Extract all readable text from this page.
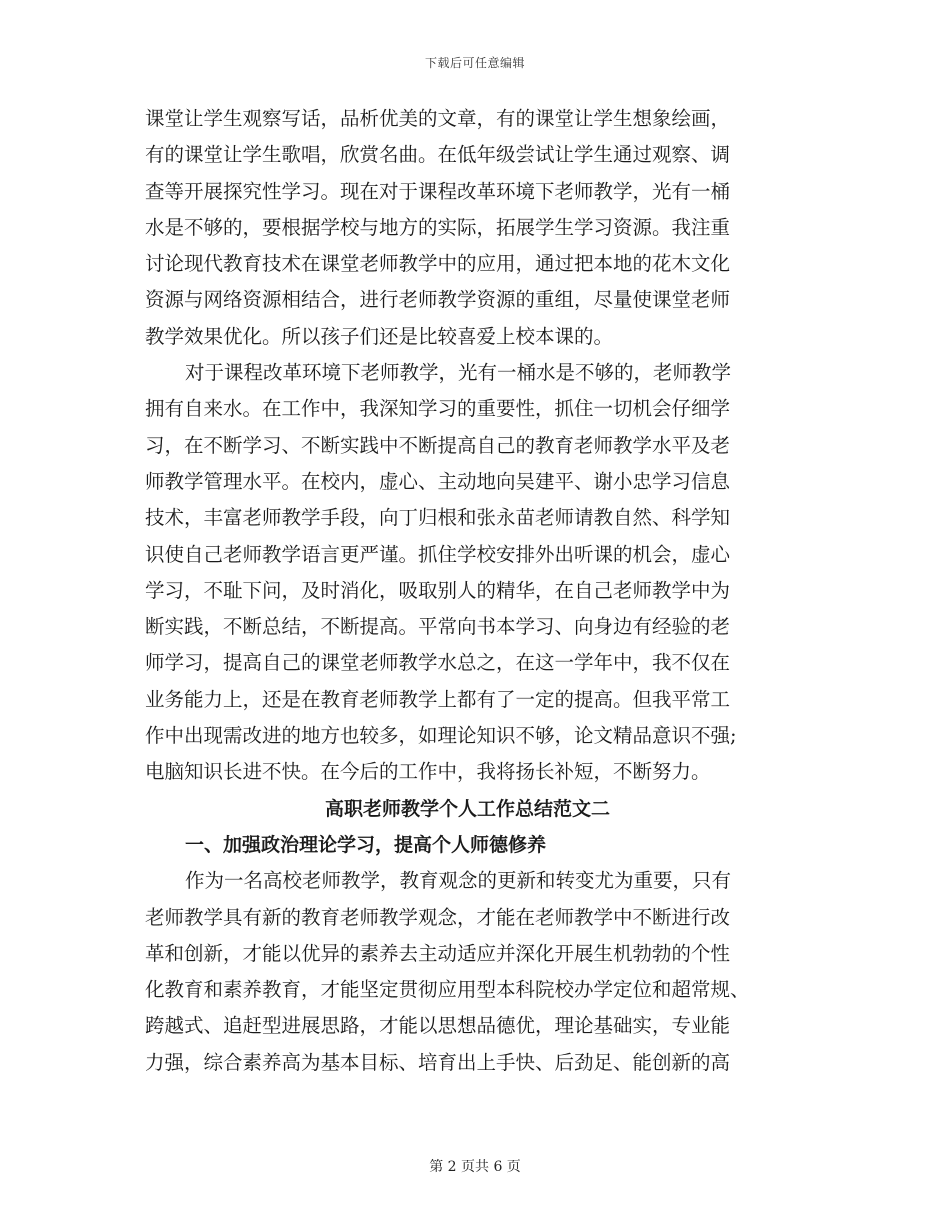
下载后可任意编辑
课堂让学生观察写话，品析优美的文章，有的课堂让学生想象绘画，
有的课堂让学生歌唱，欣赏名曲。在低年级尝试让学生通过观察、调
查等开展探究性学习。现在对于课程改革环境下老师教学，光有一桶
水是不够的，要根据学校与地方的实际，拓展学生学习资源。我注重
讨论现代教育技术在课堂老师教学中的应用，通过把本地的花木文化
资源与网络资源相结合，进行老师教学资源的重组，尽量使课堂老师
教学效果优化。所以孩子们还是比较喜爱上校本课的。
对于课程改革环境下老师教学，光有一桶水是不够的，老师教学
拥有自来水。在工作中，我深知学习的重要性，抓住一切机会仔细学
习，在不断学习、不断实践中不断提高自己的教育老师教学水平及老
师教学管理水平。在校内，虚心、主动地向吴建平、谢小忠学习信息
技术，丰富老师教学手段，向丁归根和张永苗老师请教自然、科学知
识使自己老师教学语言更严谨。抓住学校安排外出听课的机会，虚心
学习，不耻下问，及时消化，吸取别人的精华，在自己老师教学中为
断实践，不断总结，不断提高。平常向书本学习、向身边有经验的老
师学习，提高自己的课堂老师教学水总之，在这一学年中，我不仅在
业务能力上，还是在教育老师教学上都有了一定的提高。但我平常工
作中出现需改进的地方也较多，如理论知识不够，论文精品意识不强;
电脑知识长进不快。在今后的工作中，我将扬长补短，不断努力。
高职老师教学个人工作总结范文二
一、加强政治理论学习，提高个人师德修养
作为一名高校老师教学，教育观念的更新和转变尤为重要，只有
老师教学具有新的教育老师教学观念，才能在老师教学中不断进行改
革和创新，才能以优异的素养去主动适应并深化开展生机勃勃的个性
化教育和素养教育，才能坚定贯彻应用型本科院校办学定位和超常规、
跨越式、追赶型进展思路，才能以思想品德优，理论基础实，专业能
力强，综合素养高为基本目标、培育出上手快、后劲足、能创新的高
第 2 页共 6 页
